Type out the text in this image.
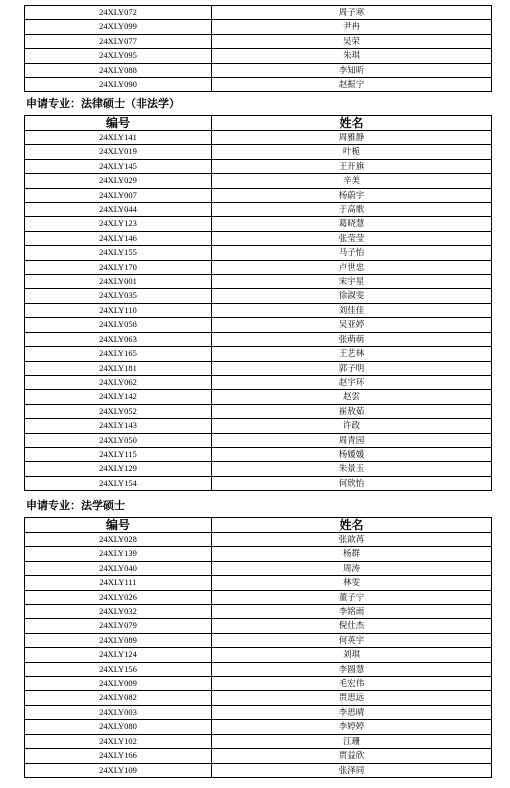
24XLY072	周子寒
24XLY099	尹冉
24XLY077	吴荣
24XLY095	朱琪
24XLY088	李知昕
24XLY090	赵振宁
申请专业：法律硕士（非法学）
编号	姓名
24XLY141	周雅静
24XLY019	叶栀
24XLY145	王开旗
24XLY029	辛美
24XLY007	杨蔚宇
24XLY044	于高歌
24XLY123	葛晓慧
24XLY146	张莹莹
24XLY155	马子怡
24XLY170	卢世忠
24XLY001	宋宇星
24XLY035	徐淑雯
24XLY110	刘佳佳
24XLY058	吴亚婷
24XLY063	张萌萌
24XLY165	王艺林
24XLY181	郭子明
24XLY062	赵宇环
24XLY142	赵雲
24XLY052	崔敖茹
24XLY143	许政
24XLY050	周青园
24XLY115	杨媛媛
24XLY129	朱景玉
24XLY154	何欣怡
申请专业：法学硕士
编号	姓名
24XLY028	张歆苒
24XLY139	杨群
24XLY040	周涛
24XLY111	林雯
24XLY026	董子宁
24XLY032	李铭雨
24XLY079	倪仕杰
24XLY089	何英宇
24XLY124	刘琪
24XLY156	李圆慧
24XLY009	毛宏伟
24XLY082	贾思远
24XLY003	李思晴
24XLY080	李婷婷
24XLY102	江珊
24XLY166	贾益欣
24XLY109	张泽同
